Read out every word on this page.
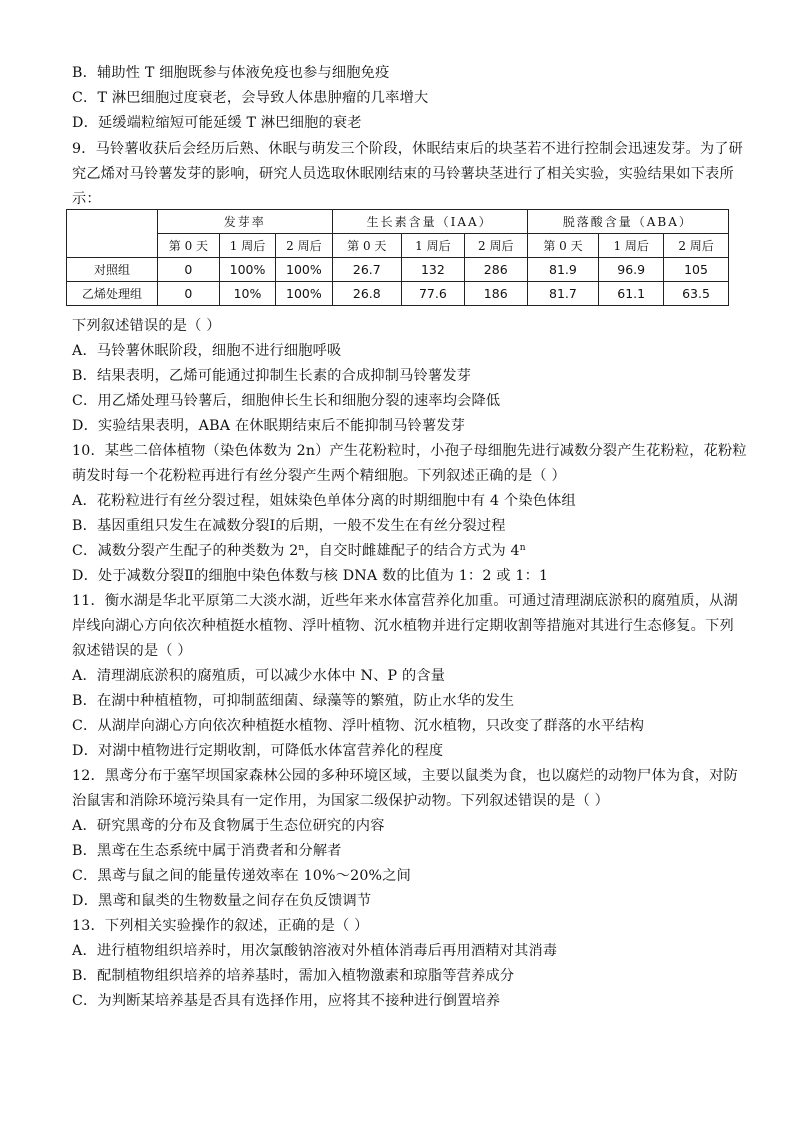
B．辅助性 T 细胞既参与体液免疫也参与细胞免疫
C．T 淋巴细胞过度衰老，会导致人体患肿瘤的几率增大
D．延缓端粒缩短可能延缓 T 淋巴细胞的衰老
9．马铃薯收获后会经历后熟、休眠与萌发三个阶段，休眠结束后的块茎若不进行控制会迅速发芽。为了研
究乙烯对马铃薯发芽的影响，研究人员选取休眠刚结束的马铃薯块茎进行了相关实验，实验结果如下表所
示：
	发芽率			生长素含量（IAA）			脱落酸含量（ABA）		
	第 0 天	1 周后	2 周后	第 0 天	1 周后	2 周后	第 0 天	1 周后	2 周后
对照组	0	100%	100%	26.7	132	286	81.9	96.9	105
乙烯处理组	0	10%	100%	26.8	77.6	186	81.7	61.1	63.5
下列叙述错误的是（ ）
A．马铃薯休眠阶段，细胞不进行细胞呼吸
B．结果表明，乙烯可能通过抑制生长素的合成抑制马铃薯发芽
C．用乙烯处理马铃薯后，细胞伸长生长和细胞分裂的速率均会降低
D．实验结果表明，ABA 在休眠期结束后不能抑制马铃薯发芽
10．某些二倍体植物（染色体数为 2n）产生花粉粒时，小孢子母细胞先进行减数分裂产生花粉粒，花粉粒
萌发时每一个花粉粒再进行有丝分裂产生两个精细胞。下列叙述正确的是（ ）
A．花粉粒进行有丝分裂过程，姐妹染色单体分离的时期细胞中有 4 个染色体组
B．基因重组只发生在减数分裂Ⅰ的后期，一般不发生在有丝分裂过程
C．减数分裂产生配子的种类数为 2$^n$，自交时雌雄配子的结合方式为 4$^n$
D．处于减数分裂Ⅱ的细胞中染色体数与核 DNA 数的比值为 1：2 或 1：1
11．衡水湖是华北平原第二大淡水湖，近些年来水体富营养化加重。可通过清理湖底淤积的腐殖质，从湖
岸线向湖心方向依次种植挺水植物、浮叶植物、沉水植物并进行定期收割等措施对其进行生态修复。下列
叙述错误的是（ ）
A．清理湖底淤积的腐殖质，可以减少水体中 N、P 的含量
B．在湖中种植植物，可抑制蓝细菌、绿藻等的繁殖，防止水华的发生
C．从湖岸向湖心方向依次种植挺水植物、浮叶植物、沉水植物，只改变了群落的水平结构
D．对湖中植物进行定期收割，可降低水体富营养化的程度
12．黑鸢分布于塞罕坝国家森林公园的多种环境区域，主要以鼠类为食，也以腐烂的动物尸体为食，对防
治鼠害和消除环境污染具有一定作用，为国家二级保护动物。下列叙述错误的是（ ）
A．研究黑鸢的分布及食物属于生态位研究的内容
B．黑鸢在生态系统中属于消费者和分解者
C．黑鸢与鼠之间的能量传递效率在 10%～20%之间
D．黑鸢和鼠类的生物数量之间存在负反馈调节
13．下列相关实验操作的叙述，正确的是（ ）
A．进行植物组织培养时，用次氯酸钠溶液对外植体消毒后再用酒精对其消毒
B．配制植物组织培养的培养基时，需加入植物激素和琼脂等营养成分
C．为判断某培养基是否具有选择作用，应将其不接种进行倒置培养
